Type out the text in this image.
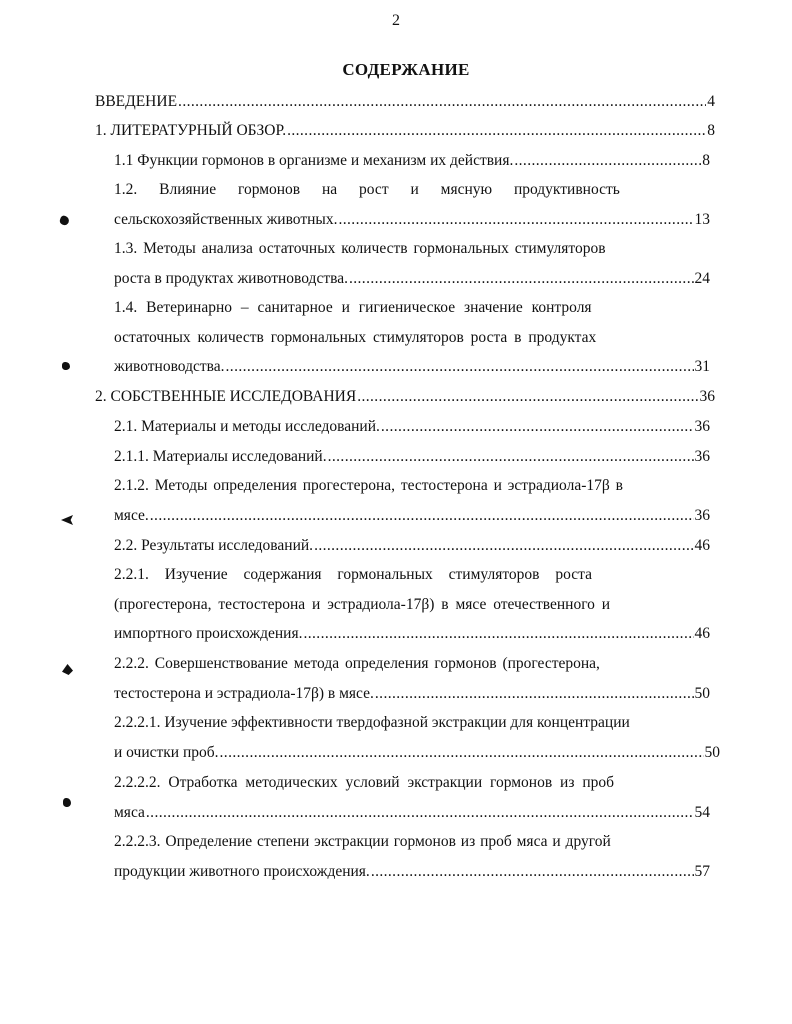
2
СОДЕРЖАНИЕ
ВВЕДЕНИЕ .....	4
1. ЛИТЕРАТУРНЫЙ ОБЗОР. .....	8
1.1 Функции гормонов в организме и механизм их действия. .....	8
1.2. Влияние гормонов на рост и мясную продуктивность
сельскохозяйственных животных. .....	13
1.3. Методы анализа остаточных количеств гормональных стимуляторов
роста в продуктах животноводства. .....	24
1.4. Ветеринарно – санитарное и гигиеническое значение контроля
остаточных количеств гормональных стимуляторов роста в продуктах
животноводства. .....	31
2. СОБСТВЕННЫЕ ИССЛЕДОВАНИЯ .....	36
2.1. Материалы и методы исследований. .....	36
2.1.1. Материалы исследований. .....	36
2.1.2. Методы определения прогестерона, тестостерона и эстрадиола-17β в
мясе. .....	36
2.2. Результаты исследований. .....	46
2.2.1. Изучение содержания гормональных стимуляторов роста
(прогестерона, тестостерона и эстрадиола-17β) в мясе отечественного и
импортного происхождения. .....	46
2.2.2. Совершенствование метода определения гормонов (прогестерона,
тестостерона и эстрадиола-17β) в мясе. .....	50
2.2.2.1. Изучение эффективности твердофазной экстракции для концентрации
и очистки проб. .....	50
2.2.2.2. Отработка методических условий экстракции гормонов из проб
мяса .....	54
2.2.2.3. Определение степени экстракции гормонов из проб мяса и другой
продукции животного происхождения. .....	57
